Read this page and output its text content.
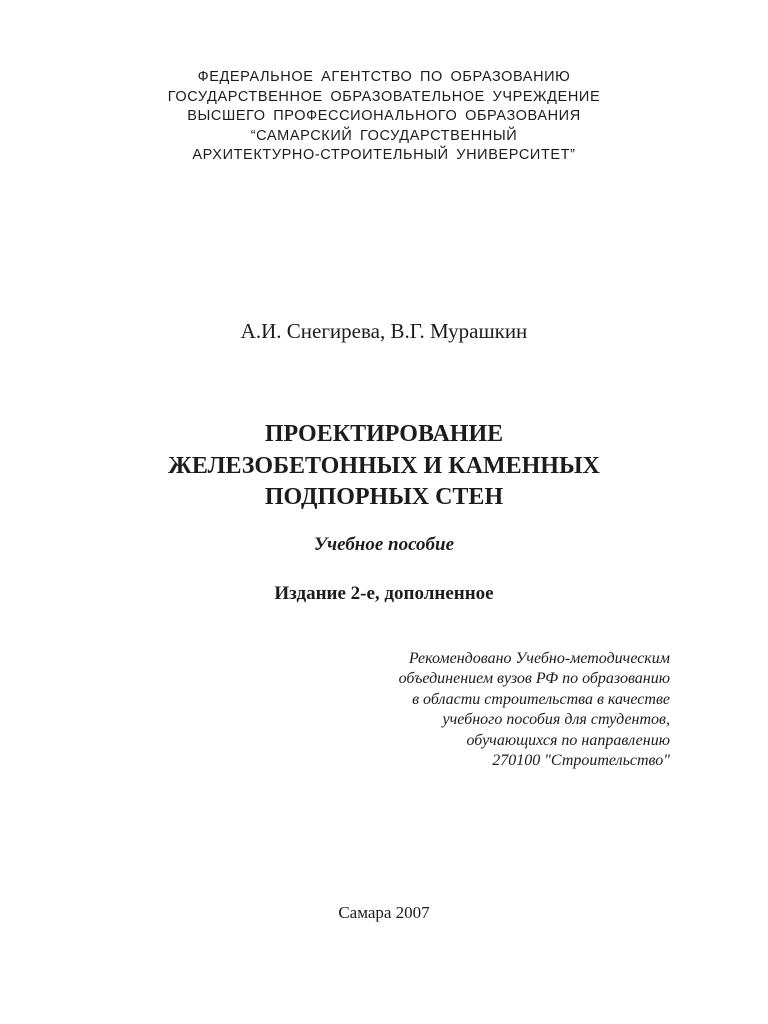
ФЕДЕРАЛЬНОЕ АГЕНТСТВО ПО ОБРАЗОВАНИЮ
ГОСУДАРСТВЕННОЕ ОБРАЗОВАТЕЛЬНОЕ УЧРЕЖДЕНИЕ
ВЫСШЕГО ПРОФЕССИОНАЛЬНОГО ОБРАЗОВАНИЯ
“САМАРСКИЙ ГОСУДАРСТВЕННЫЙ
АРХИТЕКТУРНО-СТРОИТЕЛЬНЫЙ УНИВЕРСИТЕТ”
А.И. Снегирева, В.Г. Мурашкин
ПРОЕКТИРОВАНИЕ
ЖЕЛЕЗОБЕТОННЫХ И КАМЕННЫХ
ПОДПОРНЫХ СТЕН
Учебное пособие
Издание 2-е, дополненное
Рекомендовано Учебно-методическим
объединением вузов РФ по образованию
в области строительства в качестве
учебного пособия для студентов,
обучающихся по направлению
270100 "Строительство"
Самара 2007
